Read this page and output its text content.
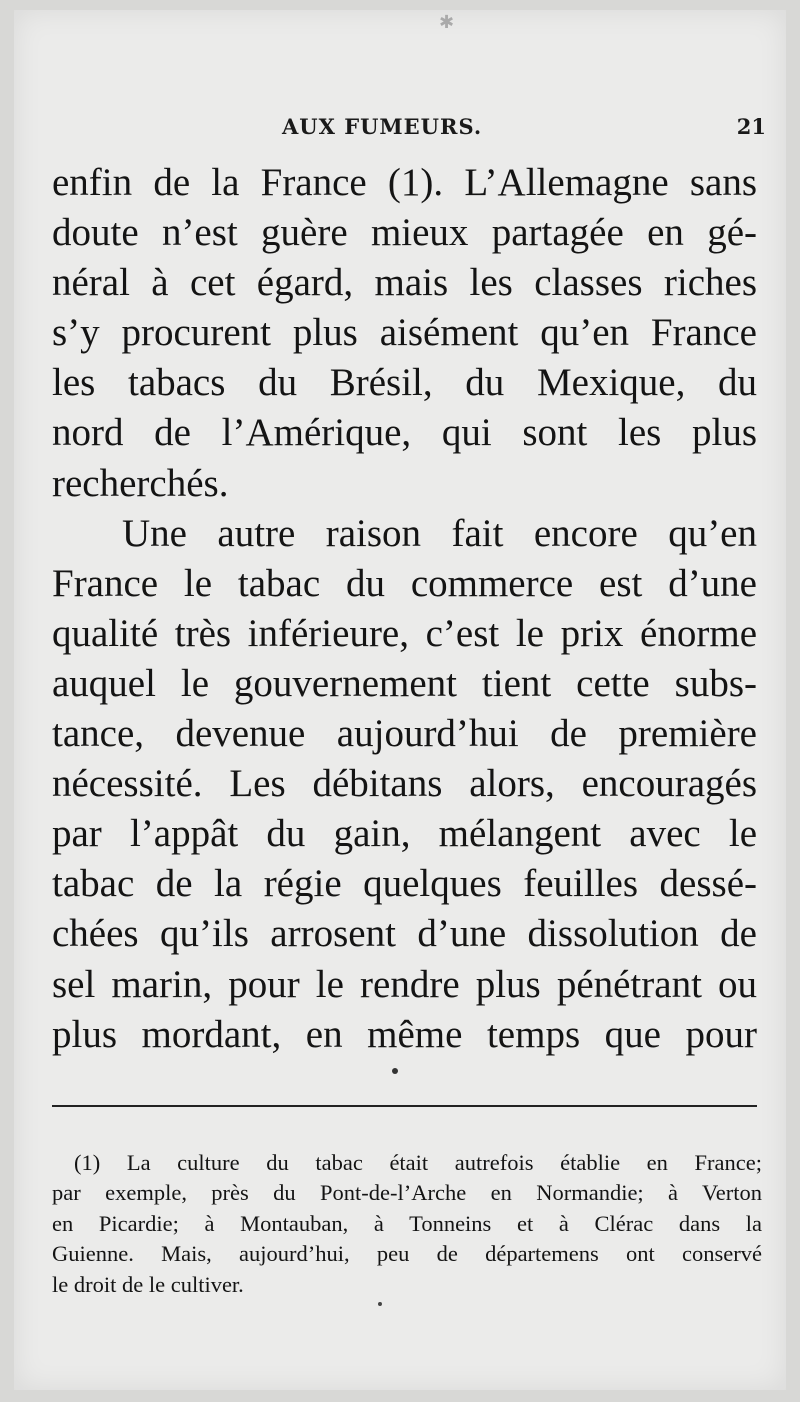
✱
AUX FUMEURS.	21
enfin de la France (1). L’Allemagne sans
doute n’est guère mieux partagée en gé-
néral à cet égard, mais les classes riches
s’y procurent plus aisément qu’en France
les tabacs du Brésil, du Mexique, du
nord de l’Amérique, qui sont les plus
recherchés.
Une autre raison fait encore qu’en
France le tabac du commerce est d’une
qualité très inférieure, c’est le prix énorme
auquel le gouvernement tient cette subs-
tance, devenue aujourd’hui de première
nécessité. Les débitans alors, encouragés
par l’appât du gain, mélangent avec le
tabac de la régie quelques feuilles dessé-
chées qu’ils arrosent d’une dissolution de
sel marin, pour le rendre plus pénétrant ou
plus mordant, en même temps que pour
(1) La culture du tabac était autrefois établie en France;
par exemple, près du Pont-de-l’Arche en Normandie; à Verton
en Picardie; à Montauban, à Tonneins et à Clérac dans la
Guienne. Mais, aujourd’hui, peu de départemens ont conservé
le droit de le cultiver.
